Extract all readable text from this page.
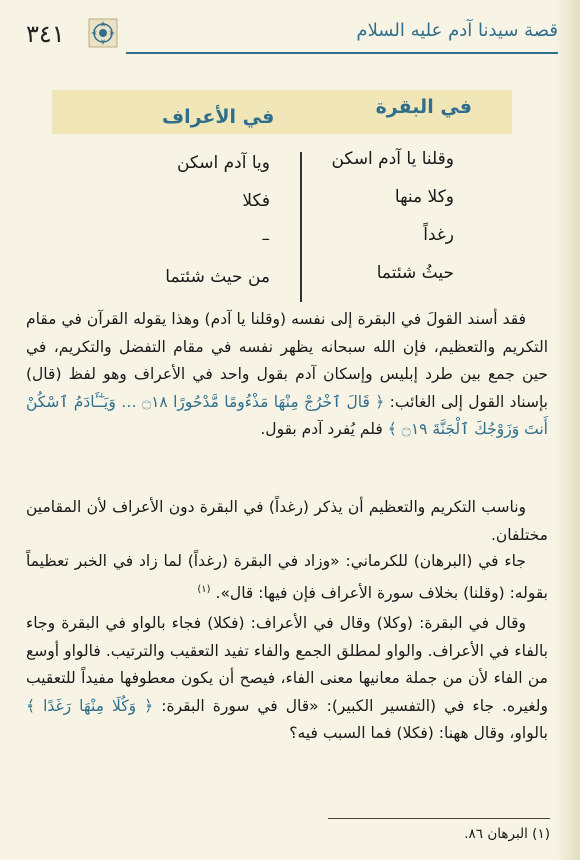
قصة سيدنا آدم عليه السلام
٣٤١
في البقرة
في الأعراف
وقلنا يا آدم اسكن
وكلا منها
رغداً
حيثُ شئتما
ويا آدم اسكن
فكلا
–
من حيث شئتما

فقد أسند القولَ في البقرة إلى نفسه (وقلنا يا آدم) وهذا يقوله القرآن في مقام التكريم والتعظيم، فإن الله سبحانه يظهر نفسه في مقام التفضل والتكريم، في حين جمع بين طرد إبليس وإسكان آدم بقول واحد في الأعراف وهو لفظ (قال) بإسناد القول إلى الغائب: ﴿ قَالَ ٱخْرُجْ مِنْهَا مَذْءُومًا مَّدْحُورًا ۝١٨ … وَيَـٰٓـَٔادَمُ ٱسْكُنْ أَنتَ وَزَوْجُكَ ٱلْجَنَّةَ ۝١٩ ﴾ فلم يُفرد آدم بقول.

وناسب التكريم والتعظيم أن يذكر (رغداً) في البقرة دون الأعراف لأن المقامين مختلفان.

جاء في (البرهان) للكرماني: «وزاد في البقرة (رغداً) لما زاد في الخبر تعظيماً بقوله: (وقلنا) بخلاف سورة الأعراف فإن فيها: قال». $^{(١)}$

وقال في البقرة: (وكلا) وقال في الأعراف: (فكلا) فجاء بالواو في البقرة وجاء بالفاء في الأعراف. والواو لمطلق الجمع والفاء تفيد التعقيب والترتيب. فالواو أوسع من الفاء لأن من جملة معانيها معنى الفاء، فيصح أن يكون معطوفها مفيداً للتعقيب ولغيره. جاء في (التفسير الكبير): «قال في سورة البقرة: ﴿ وَكُلَا مِنْهَا رَغَدًا ﴾ بالواو، وقال ههنا: (فكلا) فما السبب فيه؟

(١) البرهان ٨٦.
